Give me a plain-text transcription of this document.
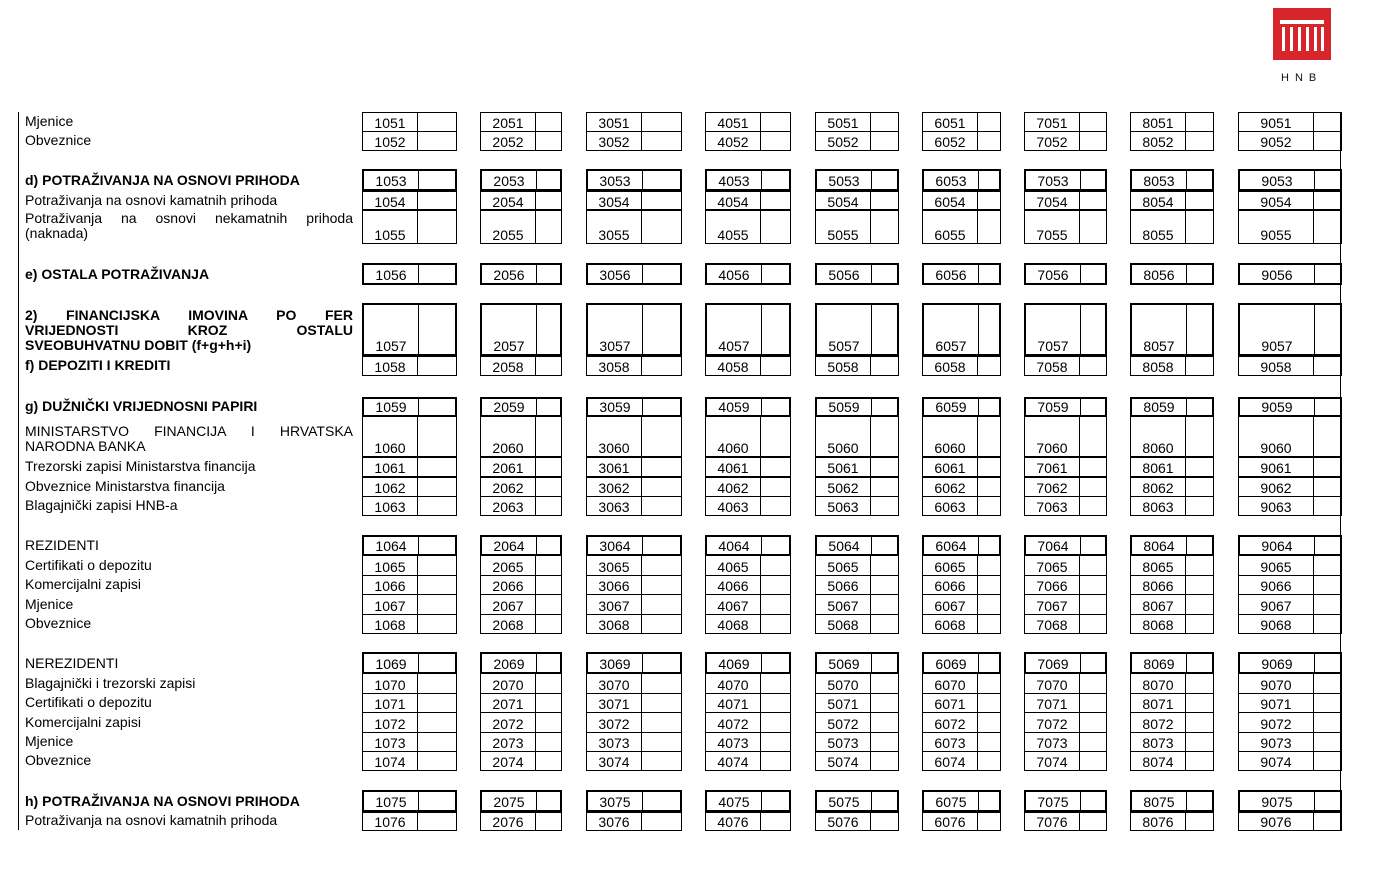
HNB
Mjenice	1051	2051	3051	4051	5051	6051	7051	8051	9051
Obveznice	1052	2052	3052	4052	5052	6052	7052	8052	9052
d) POTRAŽIVANJA NA OSNOVI PRIHODA	1053	2053	3053	4053	5053	6053	7053	8053	9053
Potraživanja na osnovi kamatnih prihoda	1054	2054	3054	4054	5054	6054	7054	8054	9054
Potraživanja na osnovi nekamatnih prihoda
(naknada)	1055	2055	3055	4055	5055	6055	7055	8055	9055
e) OSTALA POTRAŽIVANJA	1056	2056	3056	4056	5056	6056	7056	8056	9056
2) FINANCIJSKA IMOVINA PO FER
VRIJEDNOSTI KROZ OSTALU
SVEOBUHVATNU DOBIT (f+g+h+i)	1057	2057	3057	4057	5057	6057	7057	8057	9057
f) DEPOZITI I KREDITI	1058	2058	3058	4058	5058	6058	7058	8058	9058
g) DUŽNIČKI VRIJEDNOSNI PAPIRI	1059	2059	3059	4059	5059	6059	7059	8059	9059
MINISTARSTVO FINANCIJA I HRVATSKA
NARODNA BANKA	1060	2060	3060	4060	5060	6060	7060	8060	9060
Trezorski zapisi Ministarstva financija	1061	2061	3061	4061	5061	6061	7061	8061	9061
Obveznice Ministarstva financija	1062	2062	3062	4062	5062	6062	7062	8062	9062
Blagajnički zapisi HNB-a	1063	2063	3063	4063	5063	6063	7063	8063	9063
REZIDENTI	1064	2064	3064	4064	5064	6064	7064	8064	9064
Certifikati o depozitu	1065	2065	3065	4065	5065	6065	7065	8065	9065
Komercijalni zapisi	1066	2066	3066	4066	5066	6066	7066	8066	9066
Mjenice	1067	2067	3067	4067	5067	6067	7067	8067	9067
Obveznice	1068	2068	3068	4068	5068	6068	7068	8068	9068
NEREZIDENTI	1069	2069	3069	4069	5069	6069	7069	8069	9069
Blagajnički i trezorski zapisi	1070	2070	3070	4070	5070	6070	7070	8070	9070
Certifikati o depozitu	1071	2071	3071	4071	5071	6071	7071	8071	9071
Komercijalni zapisi	1072	2072	3072	4072	5072	6072	7072	8072	9072
Mjenice	1073	2073	3073	4073	5073	6073	7073	8073	9073
Obveznice	1074	2074	3074	4074	5074	6074	7074	8074	9074
h) POTRAŽIVANJA NA OSNOVI PRIHODA	1075	2075	3075	4075	5075	6075	7075	8075	9075
Potraživanja na osnovi kamatnih prihoda	1076	2076	3076	4076	5076	6076	7076	8076	9076
